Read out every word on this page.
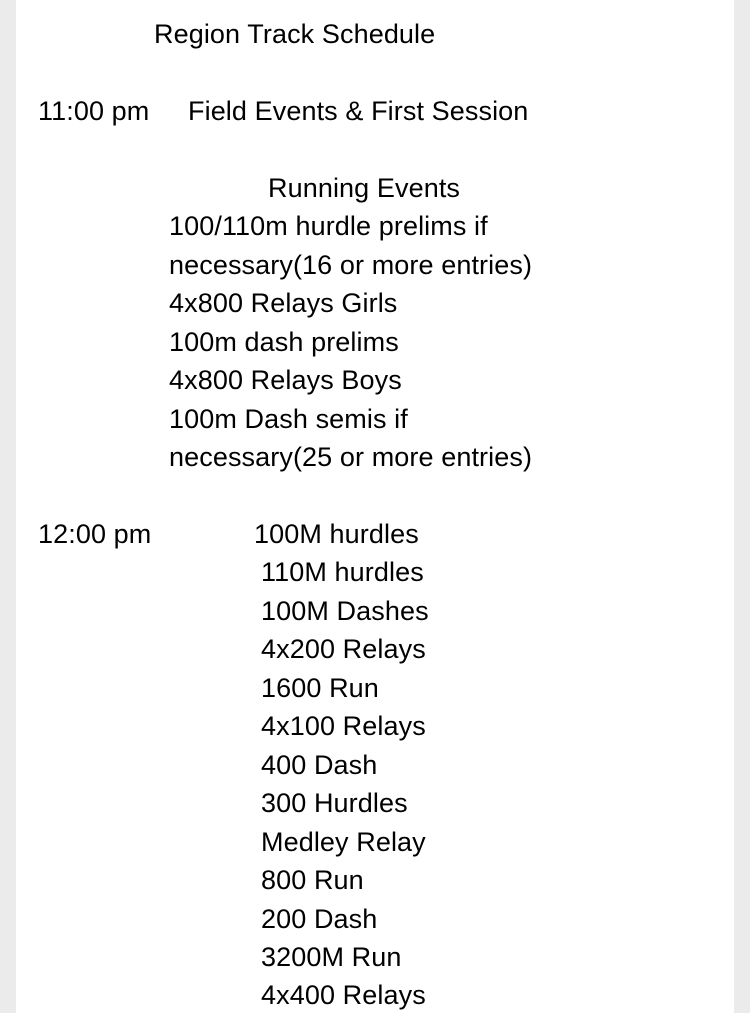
Region Track Schedule
11:00 pm Field Events & First Session
Running Events
100/110m hurdle prelims if
necessary(16 or more entries)
4x800 Relays Girls
100m dash prelims
4x800 Relays Boys
100m Dash semis if
necessary(25 or more entries)
12:00 pm	100M hurdles
110M hurdles
100M Dashes
4x200 Relays
1600 Run
4x100 Relays
400 Dash
300 Hurdles
Medley Relay
800 Run
200 Dash
3200M Run
4x400 Relays
